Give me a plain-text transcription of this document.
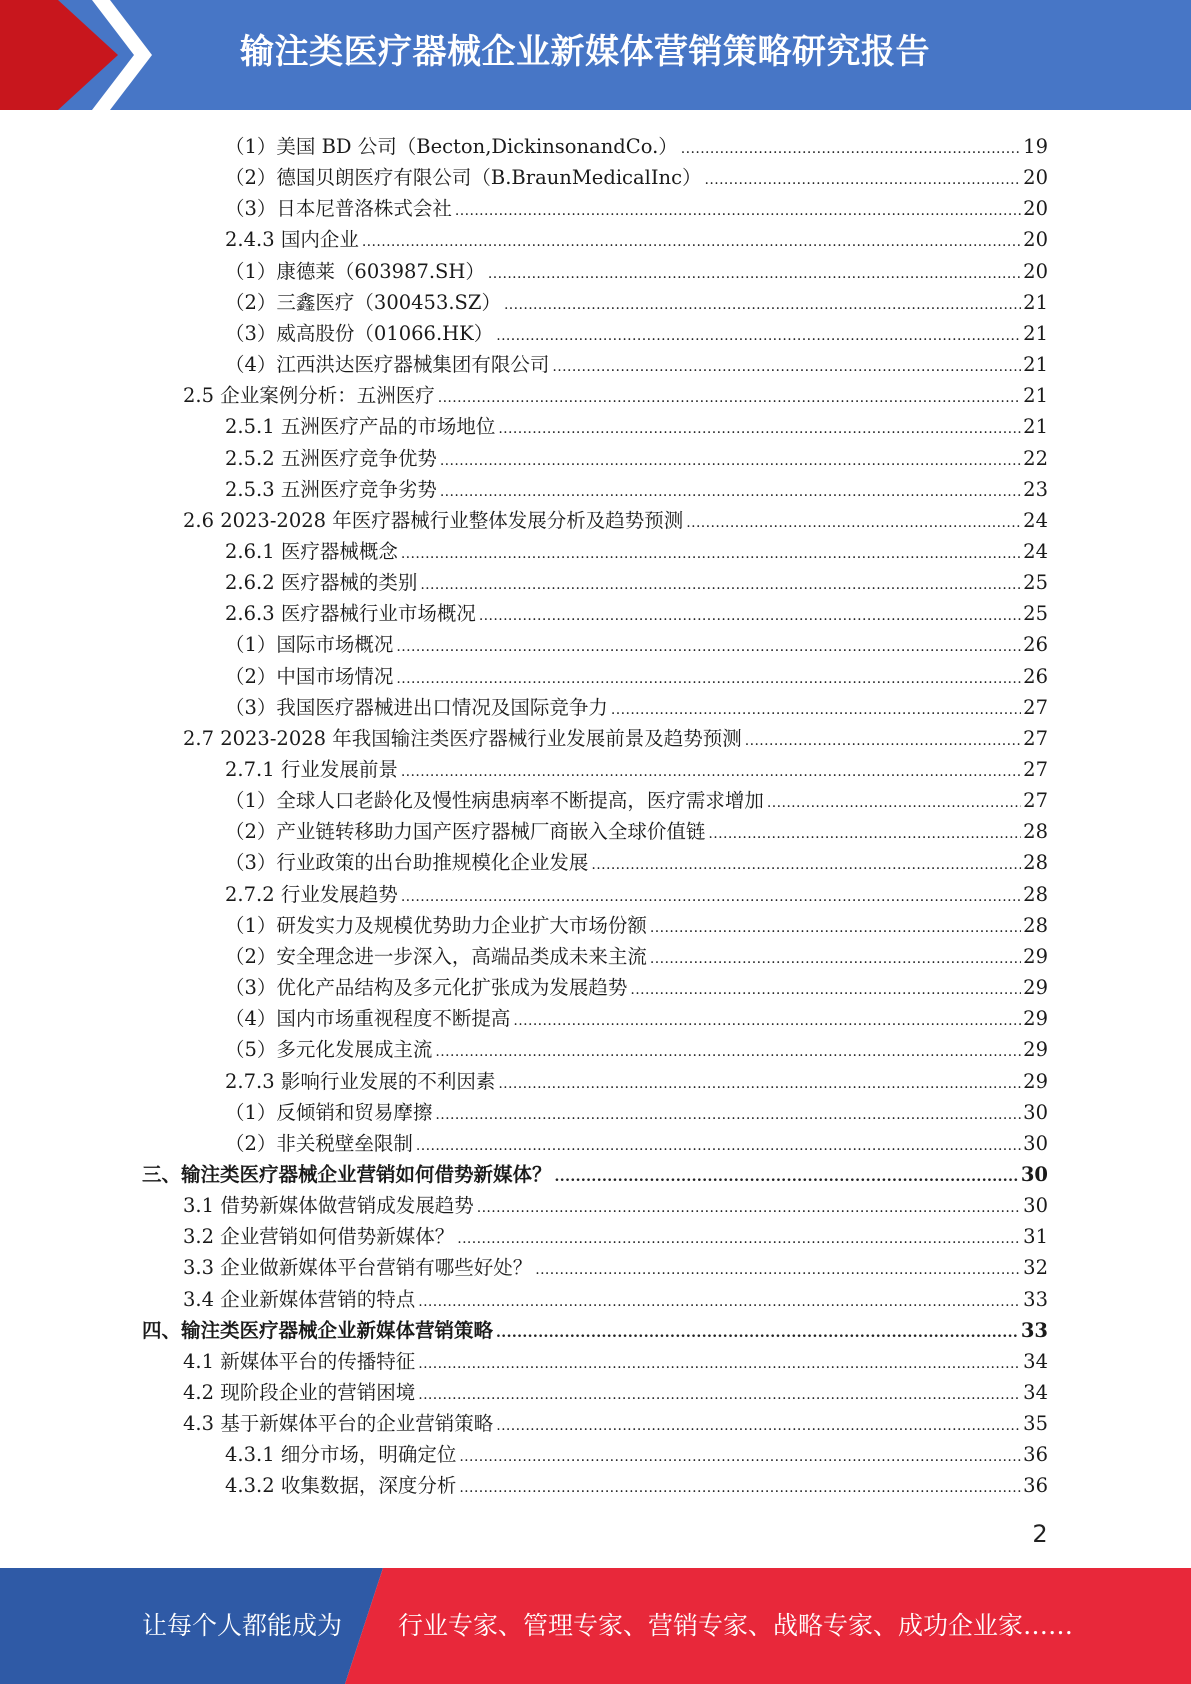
输注类医疗器械企业新媒体营销策略研究报告
（1）美国 BD 公司（Becton,DickinsonandCo.） .....	19
（2）德国贝朗医疗有限公司（B.BraunMedicalInc） .....	20
（3）日本尼普洛株式会社 .....	20
2.4.3 国内企业 .....	20
（1）康德莱（603987.SH） .....	20
（2）三鑫医疗（300453.SZ） .....	21
（3）威高股份（01066.HK） .....	21
（4）江西洪达医疗器械集团有限公司 .....	21
2.5 企业案例分析：五洲医疗 .....	21
2.5.1 五洲医疗产品的市场地位 .....	21
2.5.2 五洲医疗竞争优势 .....	22
2.5.3 五洲医疗竞争劣势 .....	23
2.6 2023-2028 年医疗器械行业整体发展分析及趋势预测 .....	24
2.6.1 医疗器械概念 .....	24
2.6.2 医疗器械的类别 .....	25
2.6.3 医疗器械行业市场概况 .....	25
（1）国际市场概况 .....	26
（2）中国市场情况 .....	26
（3）我国医疗器械进出口情况及国际竞争力 .....	27
2.7 2023-2028 年我国输注类医疗器械行业发展前景及趋势预测 .....	27
2.7.1 行业发展前景 .....	27
（1）全球人口老龄化及慢性病患病率不断提高，医疗需求增加 .....	27
（2）产业链转移助力国产医疗器械厂商嵌入全球价值链 .....	28
（3）行业政策的出台助推规模化企业发展 .....	28
2.7.2 行业发展趋势 .....	28
（1）研发实力及规模优势助力企业扩大市场份额 .....	28
（2）安全理念进一步深入，高端品类成未来主流 .....	29
（3）优化产品结构及多元化扩张成为发展趋势 .....	29
（4）国内市场重视程度不断提高 .....	29
（5）多元化发展成主流 .....	29
2.7.3 影响行业发展的不利因素 .....	29
（1）反倾销和贸易摩擦 .....	30
（2）非关税壁垒限制 .....	30
三、输注类医疗器械企业营销如何借势新媒体？ .....	30
3.1 借势新媒体做营销成发展趋势 .....	30
3.2 企业营销如何借势新媒体？ .....	31
3.3 企业做新媒体平台营销有哪些好处？ .....	32
3.4 企业新媒体营销的特点 .....	33
四、输注类医疗器械企业新媒体营销策略 .....	33
4.1 新媒体平台的传播特征 .....	34
4.2 现阶段企业的营销困境 .....	34
4.3 基于新媒体平台的企业营销策略 .....	35
4.3.1 细分市场，明确定位 .....	36
4.3.2 收集数据，深度分析 .....	36
2
让每个人都能成为 行业专家、管理专家、营销专家、战略专家、成功企业家……
